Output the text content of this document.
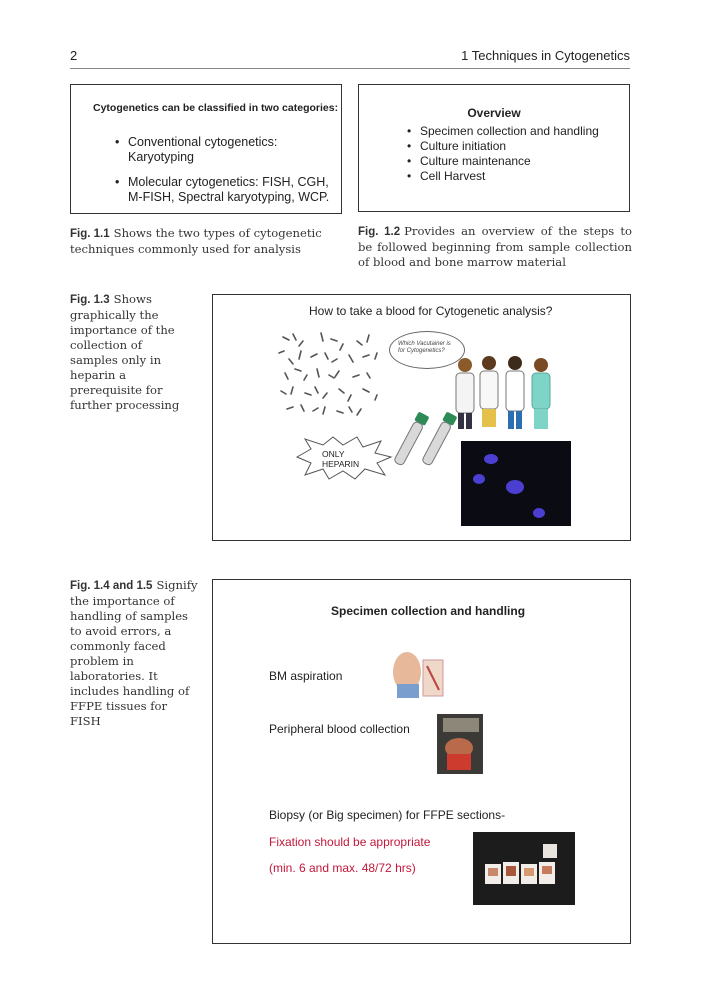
2	1 Techniques in Cytogenetics
Cytogenetics can be classified in two categories:
• Conventional cytogenetics: Karyotyping
• Molecular cytogenetics: FISH, CGH,
M-FISH, Spectral karyotyping, WCP.
Overview
• Specimen collection and handling
• Culture initiation
• Culture maintenance
• Cell Harvest
Fig. 1.1 Shows the two types of cytogenetic techniques commonly used for analysis
Fig. 1.2 Provides an overview of the steps to be followed beginning from sample collection of blood and bone marrow material
Fig. 1.3 Shows graphically the importance of the collection of samples only in heparin a prerequisite for further processing
How to take a blood for Cytogenetic analysis?
Which Vacutainer is for Cytogenetics?
ONLY
HEPARIN
Fig. 1.4 and 1.5 Signify the importance of handling of samples to avoid errors, a commonly faced problem in laboratories. It includes handling of FFPE tissues for FISH
Specimen collection and handling
BM aspiration
Peripheral blood collection
Biopsy (or Big specimen) for FFPE sections-
Fixation should be appropriate
(min. 6 and max. 48/72 hrs)
